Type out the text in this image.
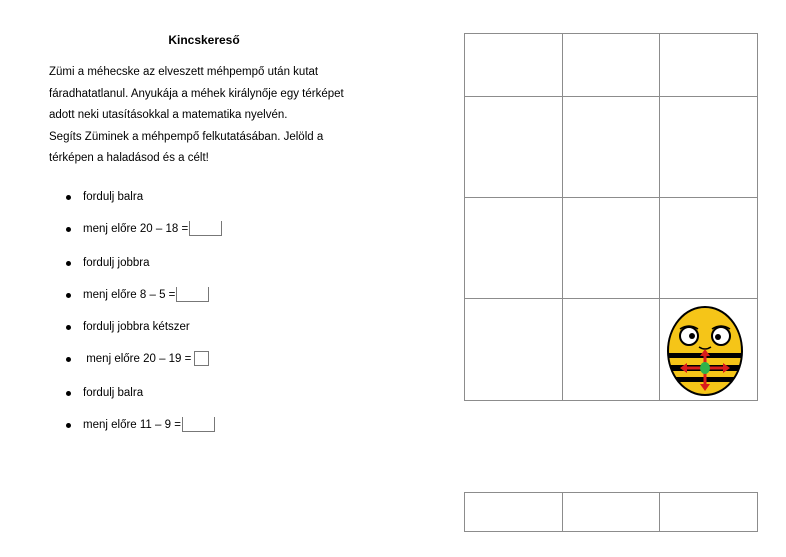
Kincskereső

Zümi a méhecske az elveszett méhpempő után kutat
fáradhatatlanul. Anyukája a méhek királynője egy térképet
adott neki utasításokkal a matematika nyelvén.
Segíts Züminek a méhpempő felkutatásában. Jelöld a
térképen a haladásod és a célt!

fordulj balra
menj előre 20 – 18 =
fordulj jobbra
menj előre 8 – 5 =
fordulj jobbra kétszer
menj előre 20 – 19 =
fordulj balra
menj előre 11 – 9 =
